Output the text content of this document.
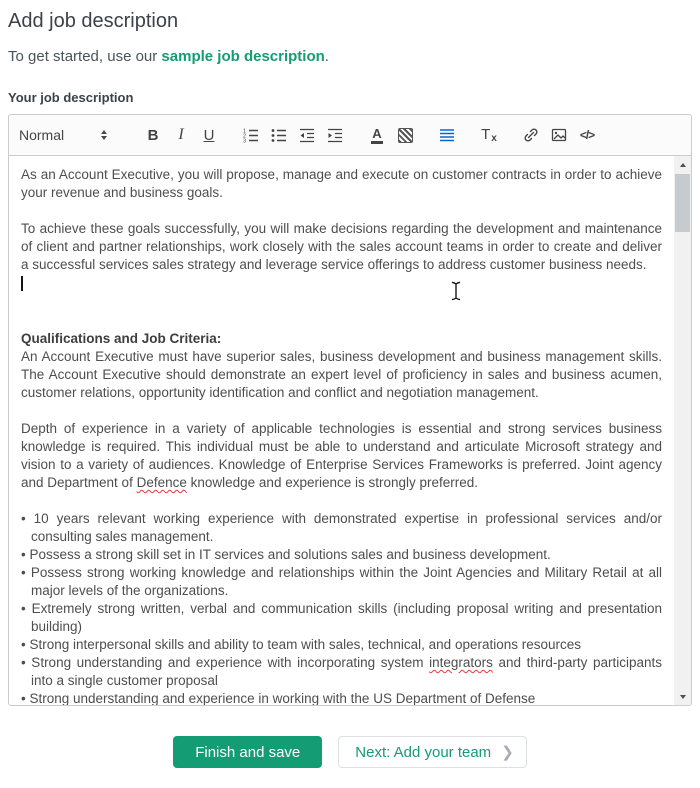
Add job description

To get started, use our sample job description.

Your job description
Normal	B I U	1
2
3
A	T x	</>
As an Account Executive, you will propose, manage and execute on customer contracts in order to achieve your revenue and business goals.
To achieve these goals successfully, you will make decisions regarding the development and maintenance of client and partner relationships, work closely with the sales account teams in order to create and deliver a successful services sales strategy and leverage service offerings to address customer business needs.
Qualifications and Job Criteria:
An Account Executive must have superior sales, business development and business management skills. The Account Executive should demonstrate an expert level of proficiency in sales and business acumen, customer relations, opportunity identification and conflict and negotiation management.
Depth of experience in a variety of applicable technologies is essential and strong services business knowledge is required. This individual must be able to understand and articulate Microsoft strategy and vision to a variety of audiences. Knowledge of Enterprise Services Frameworks is preferred. Joint agency and Department of Defence knowledge and experience is strongly preferred.
• 10 years relevant working experience with demonstrated expertise in professional services and/or consulting sales management.
• Possess a strong skill set in IT services and solutions sales and business development.
• Possess strong working knowledge and relationships within the Joint Agencies and Military Retail at all major levels of the organizations.
• Extremely strong written, verbal and communication skills (including proposal writing and presentation building)
• Strong interpersonal skills and ability to team with sales, technical, and operations resources
• Strong understanding and experience with incorporating system integrators and third-party participants into a single customer proposal
• Strong understanding and experience in working with the US Department of Defense
Finish and save	Next: Add your team ❯
